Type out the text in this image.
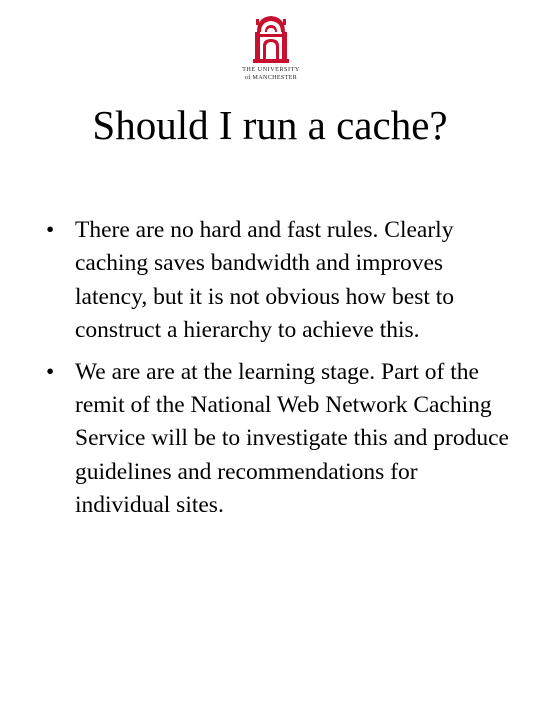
THE UNIVERSITY
of MANCHESTER
Should I run a cache?
• There are no hard and fast rules. Clearly caching saves bandwidth and improves latency, but it is not obvious how best to construct a hierarchy to achieve this.
• We are are at the learning stage. Part of the remit of the National Web Network Caching Service will be to investigate this and produce guidelines and recommendations for individual sites.
